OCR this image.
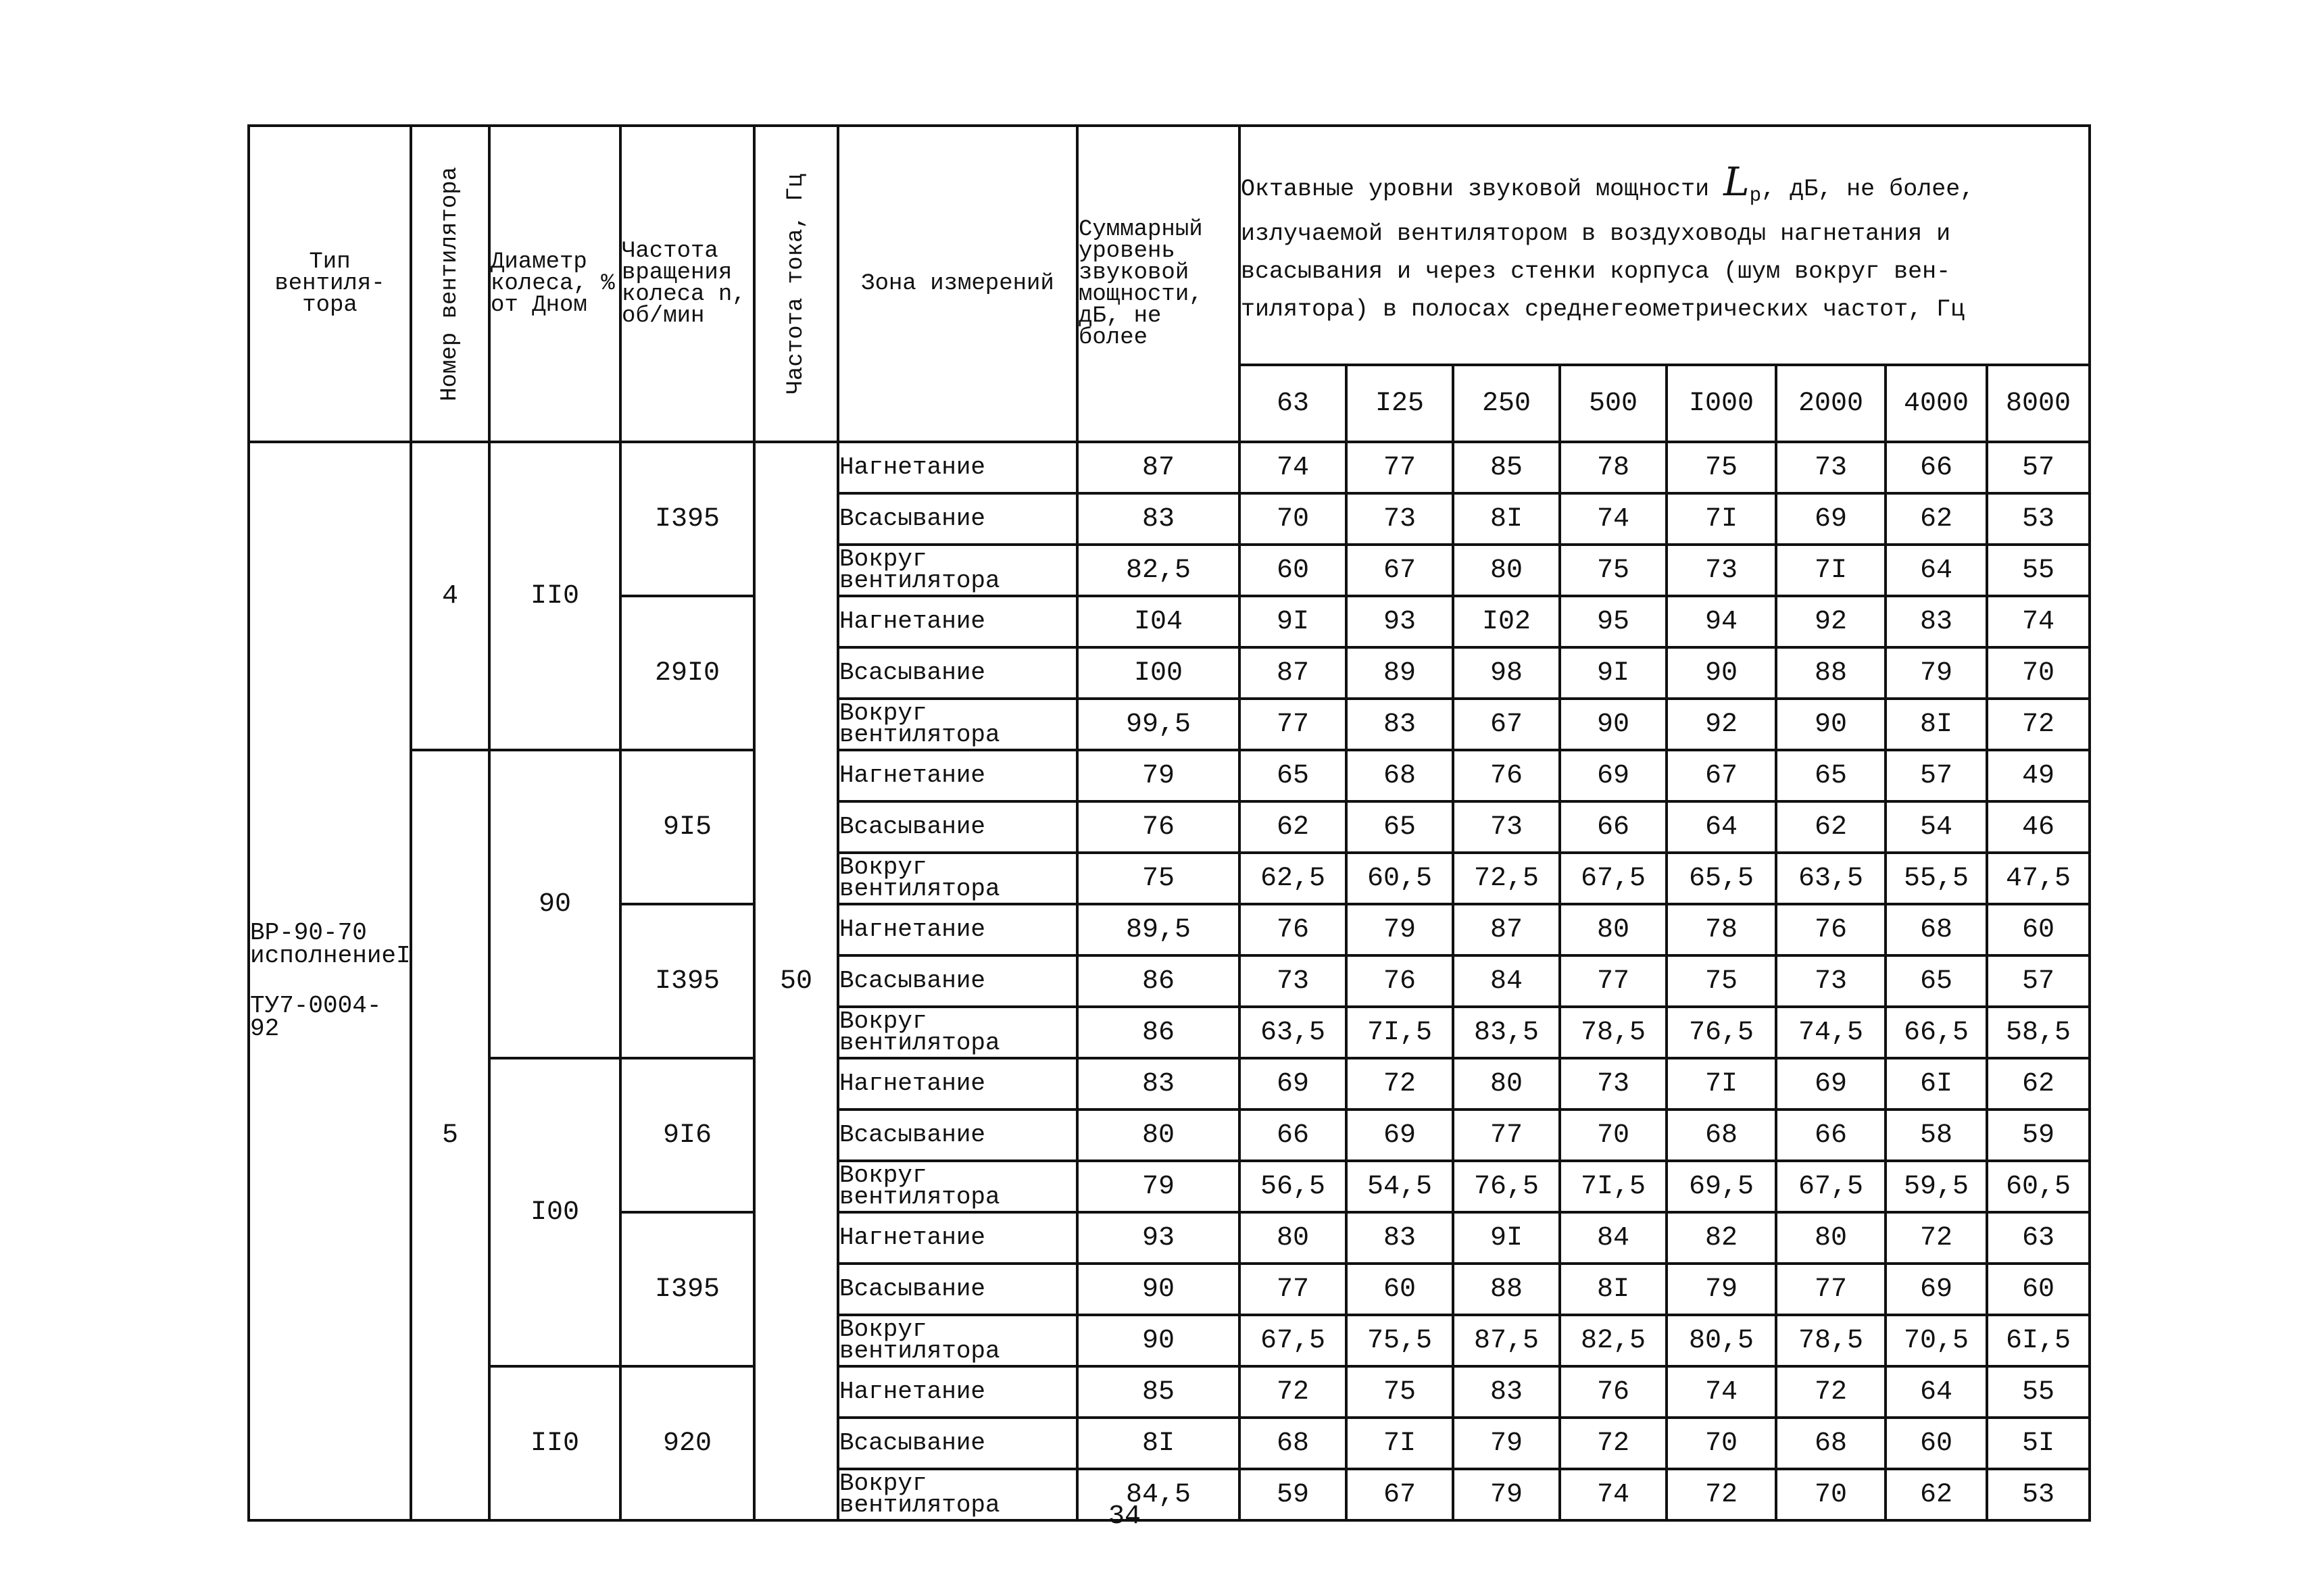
Тип вентиля-тора	Номер вентилятора	Диаметр колеса, % от Дном	Частота вращения колеса n, об/мин	Частота тока, Гц	Зона измерений	Суммарный уровень звуковой мощности, дБ, не более	Октавные уровни звуковой мощности $L_р$, дБ, не более,
излучаемой вентилятором в воздуховоды нагнетания и
всасывания и через стенки корпуса (шум вокруг вен-
тилятора) в полосах среднегеометрических частот, Гц							

							63	I25	250	500	I000	2000	4000	8000

ВР-90-70
исполнениеI
ТУ7-0004-92	4	II0	I395	50	Нагнетание	87	74	77	85	78	75	73	66	57
					Всасывание	83	70	73	8I	74	7I	69	62	53
					Вокруг вентилятора	82,5	60	67	80	75	73	7I	64	55
			29I0		Нагнетание	I04	9I	93	I02	95	94	92	83	74
					Всасывание	I00	87	89	98	9I	90	88	79	70
					Вокруг вентилятора	99,5	77	83	67	90	92	90	8I	72
	5	90	9I5		Нагнетание	79	65	68	76	69	67	65	57	49
					Всасывание	76	62	65	73	66	64	62	54	46
					Вокруг вентилятора	75	62,5	60,5	72,5	67,5	65,5	63,5	55,5	47,5
			I395		Нагнетание	89,5	76	79	87	80	78	76	68	60
					Всасывание	86	73	76	84	77	75	73	65	57
					Вокруг вентилятора	86	63,5	7I,5	83,5	78,5	76,5	74,5	66,5	58,5
		I00	9I6		Нагнетание	83	69	72	80	73	7I	69	6I	62
					Всасывание	80	66	69	77	70	68	66	58	59
					Вокруг вентилятора	79	56,5	54,5	76,5	7I,5	69,5	67,5	59,5	60,5
			I395		Нагнетание	93	80	83	9I	84	82	80	72	63
					Всасывание	90	77	60	88	8I	79	77	69	60
					Вокруг вентилятора	90	67,5	75,5	87,5	82,5	80,5	78,5	70,5	6I,5
		II0	920		Нагнетание	85	72	75	83	76	74	72	64	55
					Всасывание	8I	68	7I	79	72	70	68	60	5I
					Вокруг вентилятора	84,5	59	67	79	74	72	70	62	53
34
